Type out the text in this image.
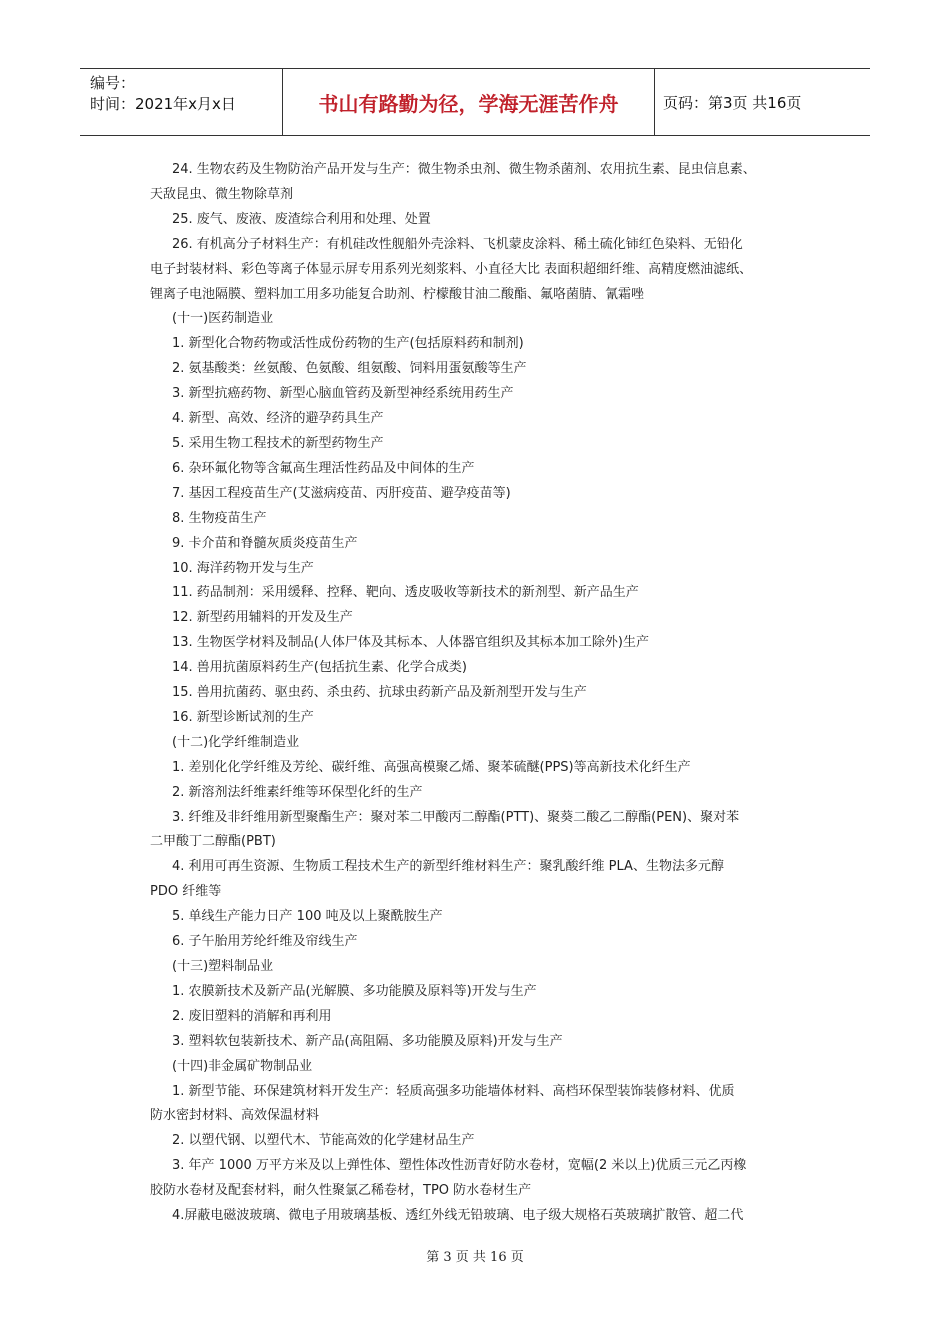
编号：
时间：2021年x月x日	书山有路勤为径，学海无涯苦作舟	页码：第3页 共16页
24. 生物农药及生物防治产品开发与生产：微生物杀虫剂、微生物杀菌剂、农用抗生素、昆虫信息素、
天敌昆虫、微生物除草剂
25. 废气、废液、废渣综合利用和处理、处置
26. 有机高分子材料生产：有机硅改性舰船外壳涂料、飞机蒙皮涂料、稀土硫化铈红色染料、无铅化
电子封装材料、彩色等离子体显示屏专用系列光刻浆料、小直径大比 表面积超细纤维、高精度燃油滤纸、
锂离子电池隔膜、塑料加工用多功能复合助剂、柠檬酸甘油二酸酯、氟咯菌腈、氰霜唑
(十一)医药制造业
1. 新型化合物药物或活性成份药物的生产(包括原料药和制剂)
2. 氨基酸类：丝氨酸、色氨酸、组氨酸、饲料用蛋氨酸等生产
3. 新型抗癌药物、新型心脑血管药及新型神经系统用药生产
4. 新型、高效、经济的避孕药具生产
5. 采用生物工程技术的新型药物生产
6. 杂环氟化物等含氟高生理活性药品及中间体的生产
7. 基因工程疫苗生产(艾滋病疫苗、丙肝疫苗、避孕疫苗等)
8. 生物疫苗生产
9. 卡介苗和脊髓灰质炎疫苗生产
10. 海洋药物开发与生产
11. 药品制剂：采用缓释、控释、靶向、透皮吸收等新技术的新剂型、新产品生产
12. 新型药用辅料的开发及生产
13. 生物医学材料及制品(人体尸体及其标本、人体器官组织及其标本加工除外)生产
14. 兽用抗菌原料药生产(包括抗生素、化学合成类)
15. 兽用抗菌药、驱虫药、杀虫药、抗球虫药新产品及新剂型开发与生产
16. 新型诊断试剂的生产
(十二)化学纤维制造业
1. 差别化化学纤维及芳纶、碳纤维、高强高模聚乙烯、聚苯硫醚(PPS)等高新技术化纤生产
2. 新溶剂法纤维素纤维等环保型化纤的生产
3. 纤维及非纤维用新型聚酯生产：聚对苯二甲酸丙二醇酯(PTT)、聚葵二酸乙二醇酯(PEN)、聚对苯
二甲酸丁二醇酯(PBT)
4. 利用可再生资源、生物质工程技术生产的新型纤维材料生产：聚乳酸纤维 PLA、生物法多元醇
PDO 纤维等
5. 单线生产能力日产 100 吨及以上聚酰胺生产
6. 子午胎用芳纶纤维及帘线生产
(十三)塑料制品业
1. 农膜新技术及新产品(光解膜、多功能膜及原料等)开发与生产
2. 废旧塑料的消解和再利用
3. 塑料软包装新技术、新产品(高阻隔、多功能膜及原料)开发与生产
(十四)非金属矿物制品业
1. 新型节能、环保建筑材料开发生产：轻质高强多功能墙体材料、高档环保型装饰装修材料、优质
防水密封材料、高效保温材料
2. 以塑代钢、以塑代木、节能高效的化学建材品生产
3. 年产 1000 万平方米及以上弹性体、塑性体改性沥青好防水卷材，宽幅(2 米以上)优质三元乙丙橡
胶防水卷材及配套材料，耐久性聚氯乙稀卷材，TPO 防水卷材生产
4.屏蔽电磁波玻璃、微电子用玻璃基板、透红外线无铅玻璃、电子级大规格石英玻璃扩散管、超二代
第 3 页 共 16 页
